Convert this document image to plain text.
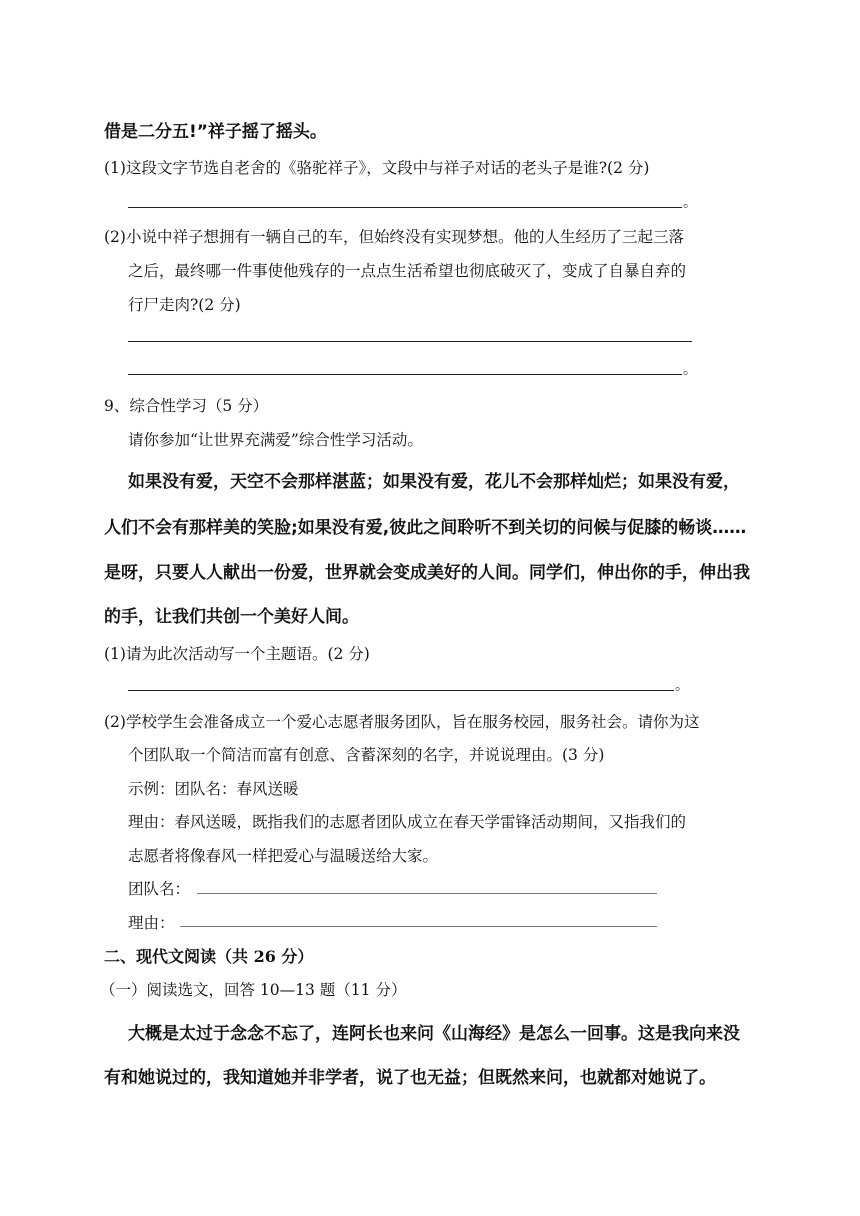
借是二分五!”祥子摇了摇头。
(1)这段文字节选自老舍的《骆驼祥子》，文段中与祥子对话的老头子是谁?(2 分)
。
(2)小说中祥子想拥有一辆自己的车，但始终没有实现梦想。他的人生经历了三起三落
之后，最终哪一件事使他残存的一点点生活希望也彻底破灭了，变成了自暴自弃的
行尸走肉?(2 分)
。
9、综合性学习（5 分）
请你参加“让世界充满爱”综合性学习活动。
如果没有爱，天空不会那样湛蓝；如果没有爱，花儿不会那样灿烂；如果没有爱，
人们不会有那样美的笑脸;如果没有爱,彼此之间聆听不到关切的问候与促膝的畅谈……
是呀，只要人人献出一份爱，世界就会变成美好的人间。同学们，伸出你的手，伸出我
的手，让我们共创一个美好人间。
(1)请为此次活动写一个主题语。(2 分)
。
(2)学校学生会准备成立一个爱心志愿者服务团队，旨在服务校园，服务社会。请你为这
个团队取一个简洁而富有创意、含蓄深刻的名字，并说说理由。(3 分)
示例：团队名：春风送暖
理由：春风送暖，既指我们的志愿者团队成立在春天学雷锋活动期间，又指我们的
志愿者将像春风一样把爱心与温暖送给大家。
团队名：
理由：
二、现代文阅读（共 26 分）
（一）阅读选文，回答 10—13 题（11 分）
大概是太过于念念不忘了，连阿长也来问《山海经》是怎么一回事。这是我向来没
有和她说过的，我知道她并非学者，说了也无益；但既然来问，也就都对她说了。
